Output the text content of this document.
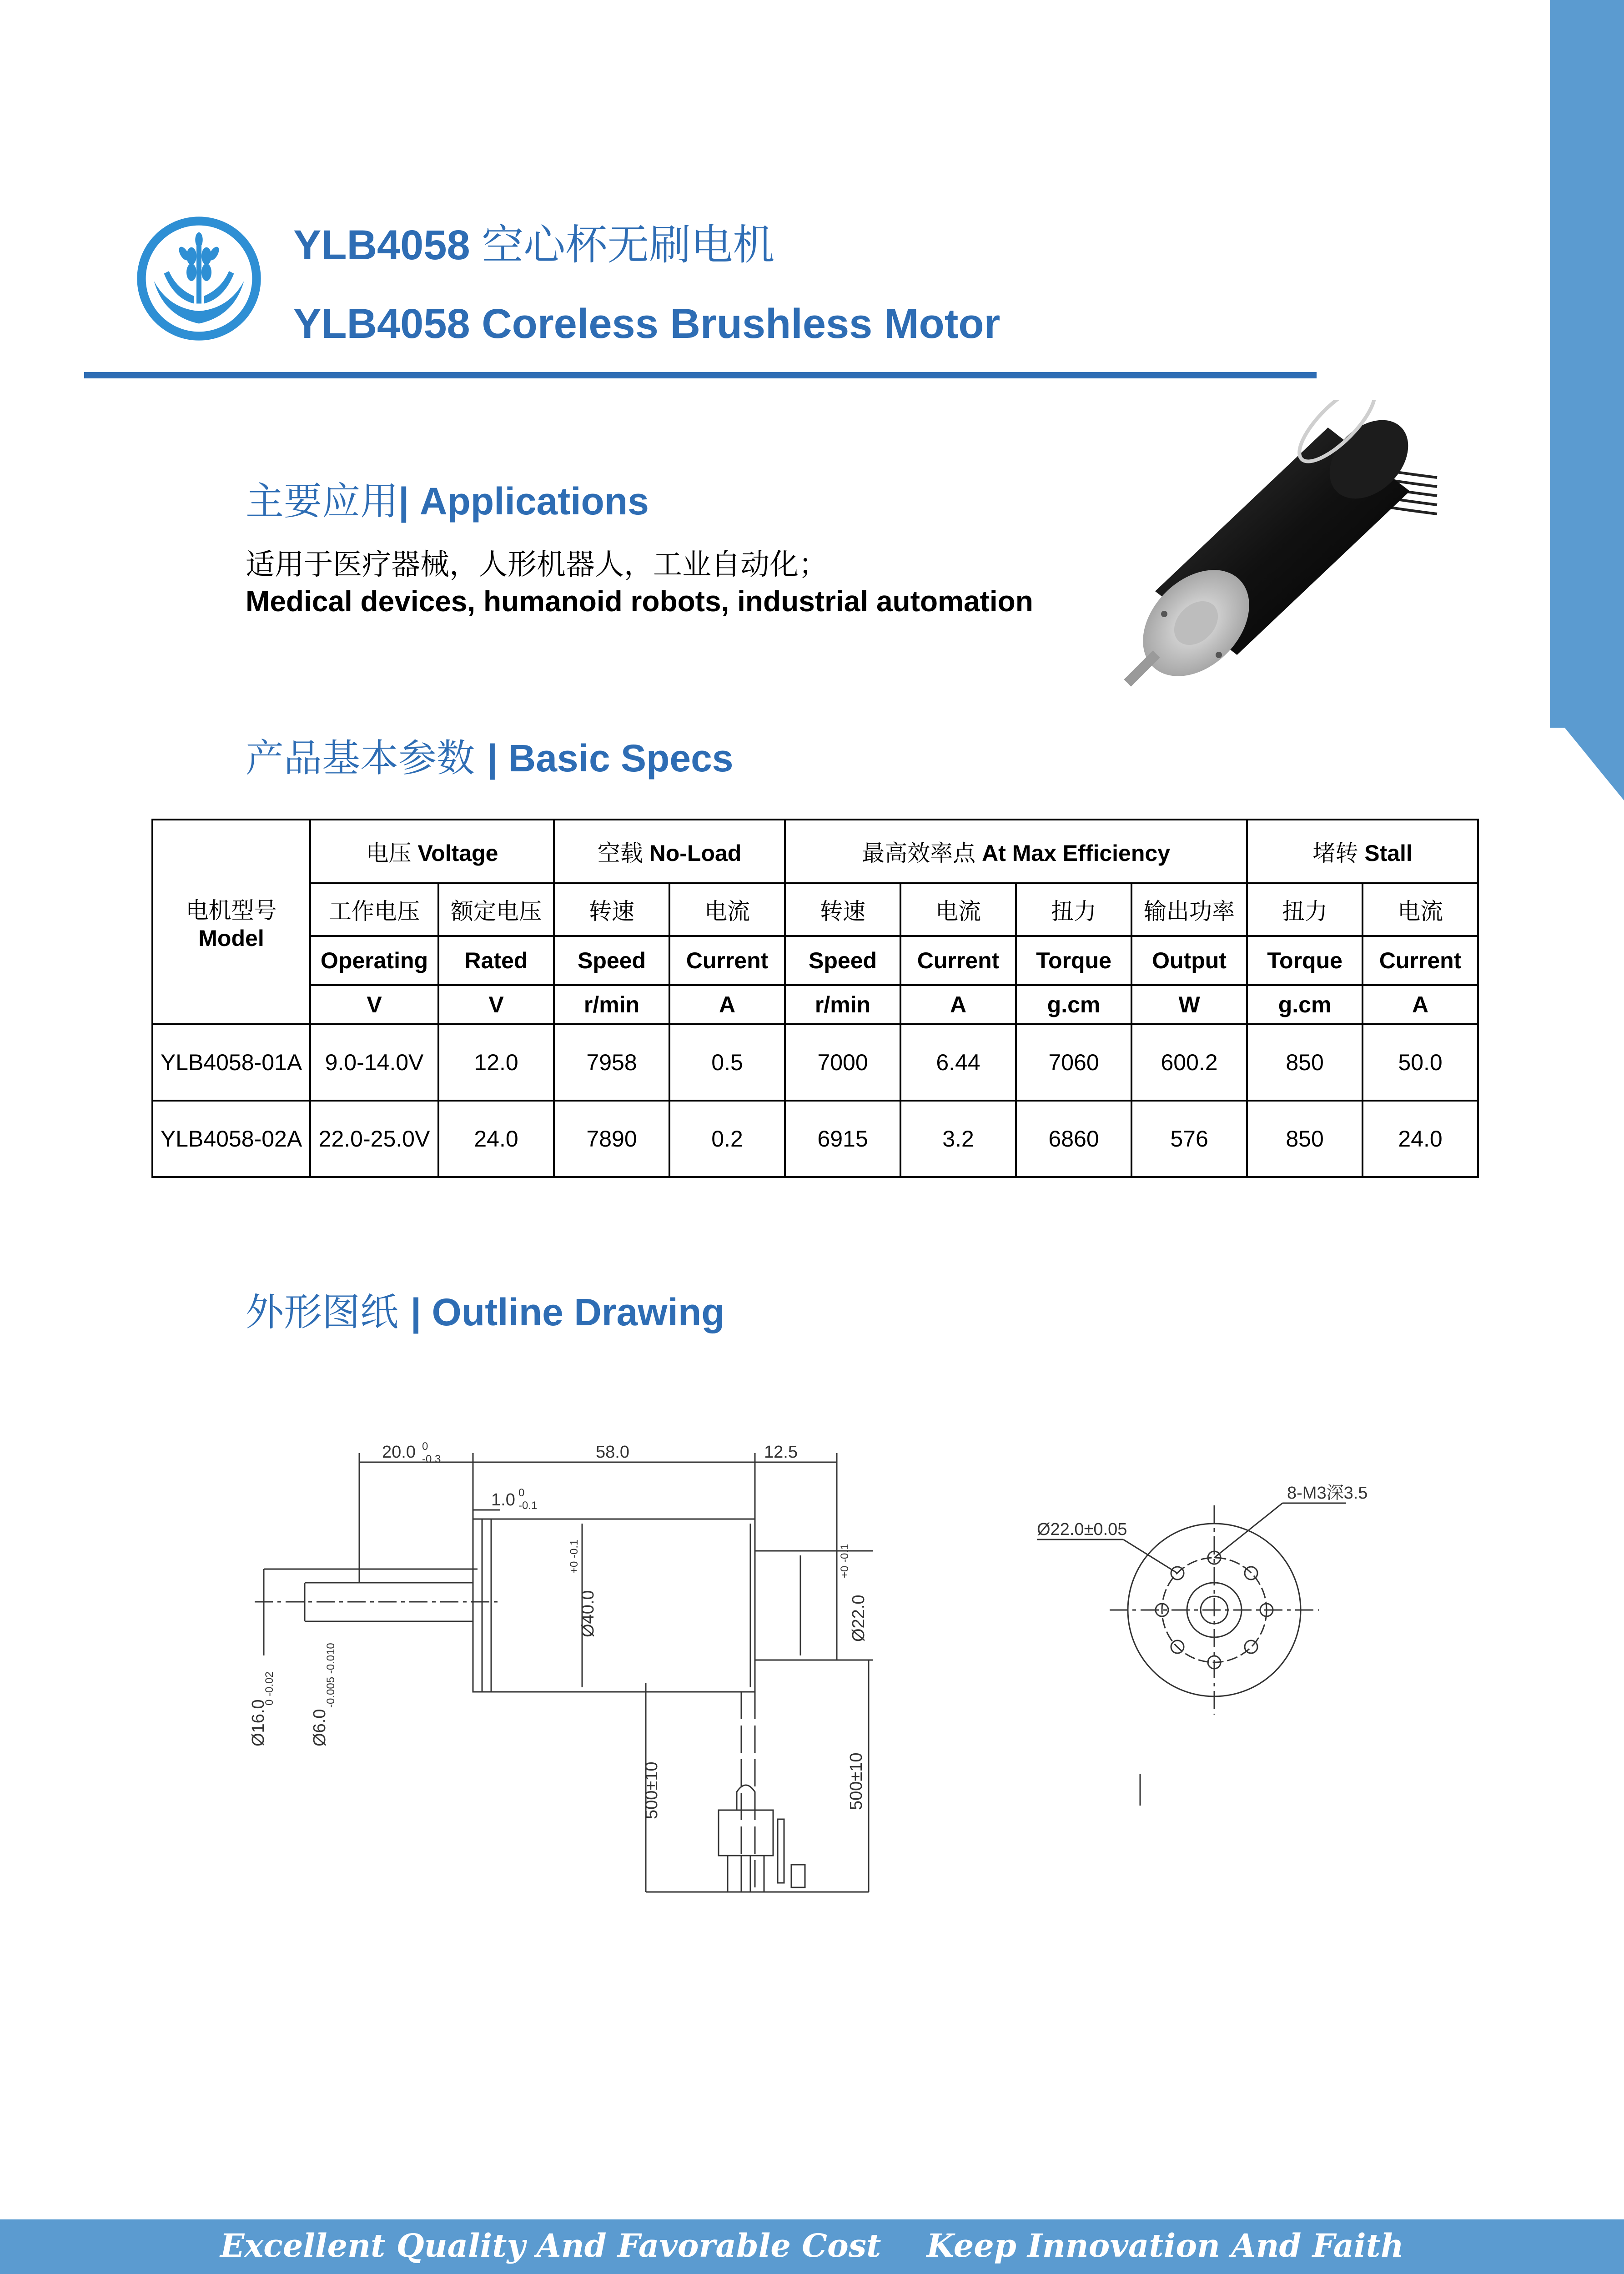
YLB4058 空心杯无刷电机
YLB4058 Coreless Brushless Motor
主要应用| Applications
适用于医疗器械，人形机器人，工业自动化；
Medical devices, humanoid robots, industrial automation
产品基本参数 | Basic Specs
电机型号
Model	电压 Voltage		空载 No-Load		最高效率点 At Max Efficiency				堵转 Stall	
	工作电压	额定电压	转速	电流	转速	电流	扭力	输出功率	扭力	电流
	Operating	Rated	Speed	Current	Speed	Current	Torque	Output	Torque	Current
	V	V	r/min	A	r/min	A	g.cm	W	g.cm	A
YLB4058-01A	9.0-14.0V	12.0	7958	0.5	7000	6.44	7060	600.2	850	50.0
YLB4058-02A	22.0-25.0V	24.0	7890	0.2	6915	3.2	6860	576	850	24.0
外形图纸 | Outline Drawing
20.0 0
-0.3	58.0	12.5
1.0 0
-0.1
Ø40.0
+0 -0.1
Ø22.0
+0 -0.1
Ø16.0
0 -0.02
Ø6.0
-0.005 -0.010
500±10	500±10
8-M3深3.5
Ø22.0±0.05
Excellent Quality And Favorable Cost Keep Innovation And Faith
